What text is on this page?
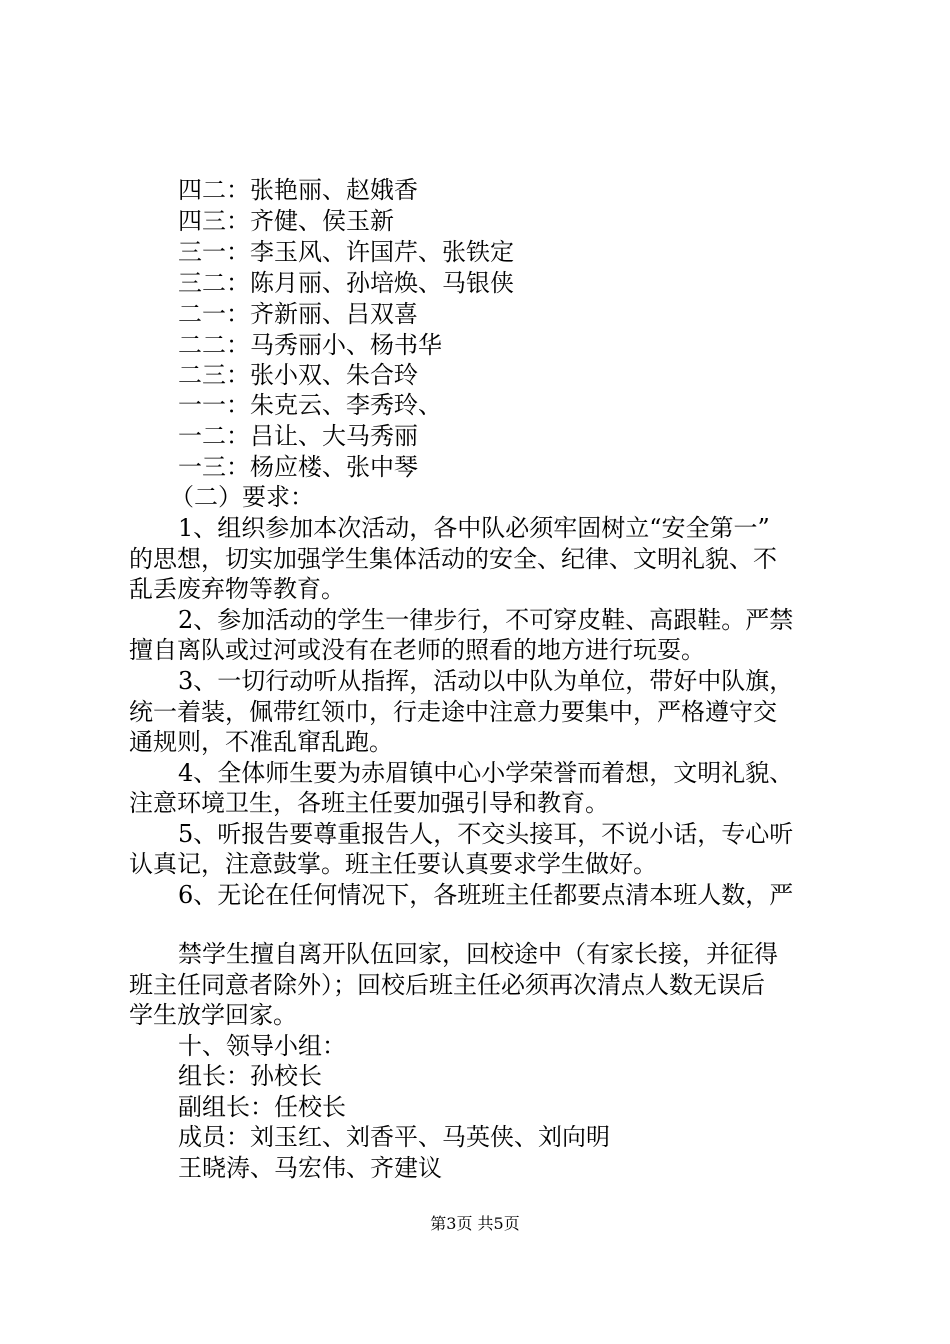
四二：张艳丽、赵娥香

四三：齐健、侯玉新

三一：李玉风、许国芹、张铁定

三二：陈月丽、孙培焕、马银侠

二一：齐新丽、吕双喜

二二：马秀丽小、杨书华

二三：张小双、朱合玲

一一：朱克云、李秀玲、

一二：吕让、大马秀丽

一三：杨应楼、张中琴

（二）要求：

1、组织参加本次活动，各中队必须牢固树立“安全第一”

的思想，切实加强学生集体活动的安全、纪律、文明礼貌、不

乱丢废弃物等教育。

2、参加活动的学生一律步行，不可穿皮鞋、高跟鞋。严禁

擅自离队或过河或没有在老师的照看的地方进行玩耍。

3、一切行动听从指挥，活动以中队为单位，带好中队旗，

统一着装，佩带红领巾，行走途中注意力要集中，严格遵守交

通规则，不准乱窜乱跑。

4、全体师生要为赤眉镇中心小学荣誉而着想，文明礼貌、

注意环境卫生，各班主任要加强引导和教育。

5、听报告要尊重报告人，不交头接耳，不说小话，专心听

认真记，注意鼓掌。班主任要认真要求学生做好。

6、无论在任何情况下，各班班主任都要点清本班人数，严

禁学生擅自离开队伍回家，回校途中（有家长接，并征得

班主任同意者除外）；回校后班主任必须再次清点人数无误后

学生放学回家。

十、领导小组：

组长：孙校长

副组长：任校长

成员：刘玉红、刘香平、马英侠、刘向明

王晓涛、马宏伟、齐建议

第3页 共5页
